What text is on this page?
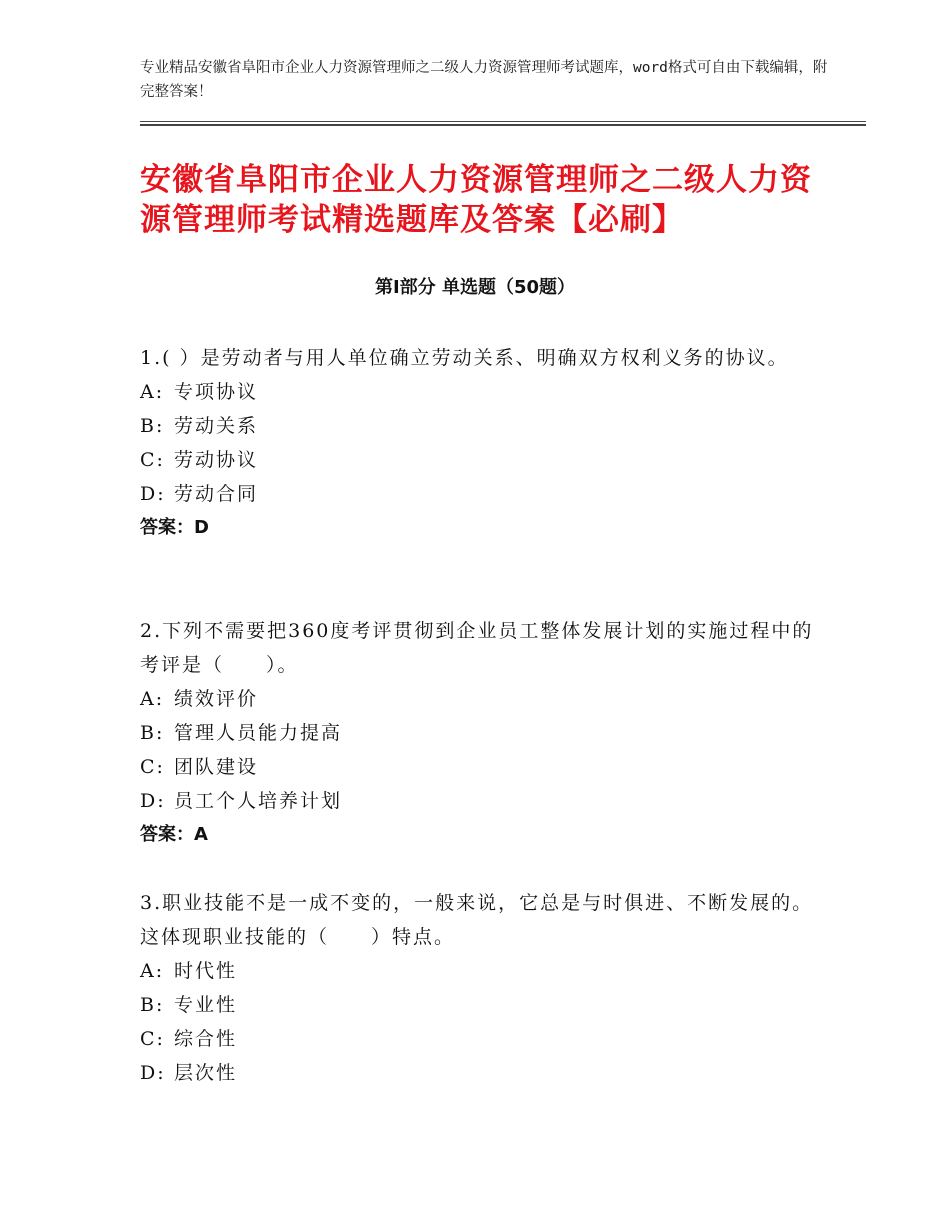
专业精品安徽省阜阳市企业人力资源管理师之二级人力资源管理师考试题库，word格式可自由下载编辑，附完整答案！

安徽省阜阳市企业人力资源管理师之二级人力资源管理师考试精选题库及答案【必刷】
第Ⅰ部分 单选题（50题）

1.( ）是劳动者与用人单位确立劳动关系、明确双方权利义务的协议。

A: 专项协议

B: 劳动关系

C: 劳动协议

D: 劳动合同

答案：D

2.下列不需要把360度考评贯彻到企业员工整体发展计划的实施过程中的考评是（　　）。

A: 绩效评价

B: 管理人员能力提高

C: 团队建设

D: 员工个人培养计划

答案：A

3.职业技能不是一成不变的，一般来说，它总是与时俱进、不断发展的。这体现职业技能的（　　）特点。

A: 时代性

B: 专业性

C: 综合性

D: 层次性
